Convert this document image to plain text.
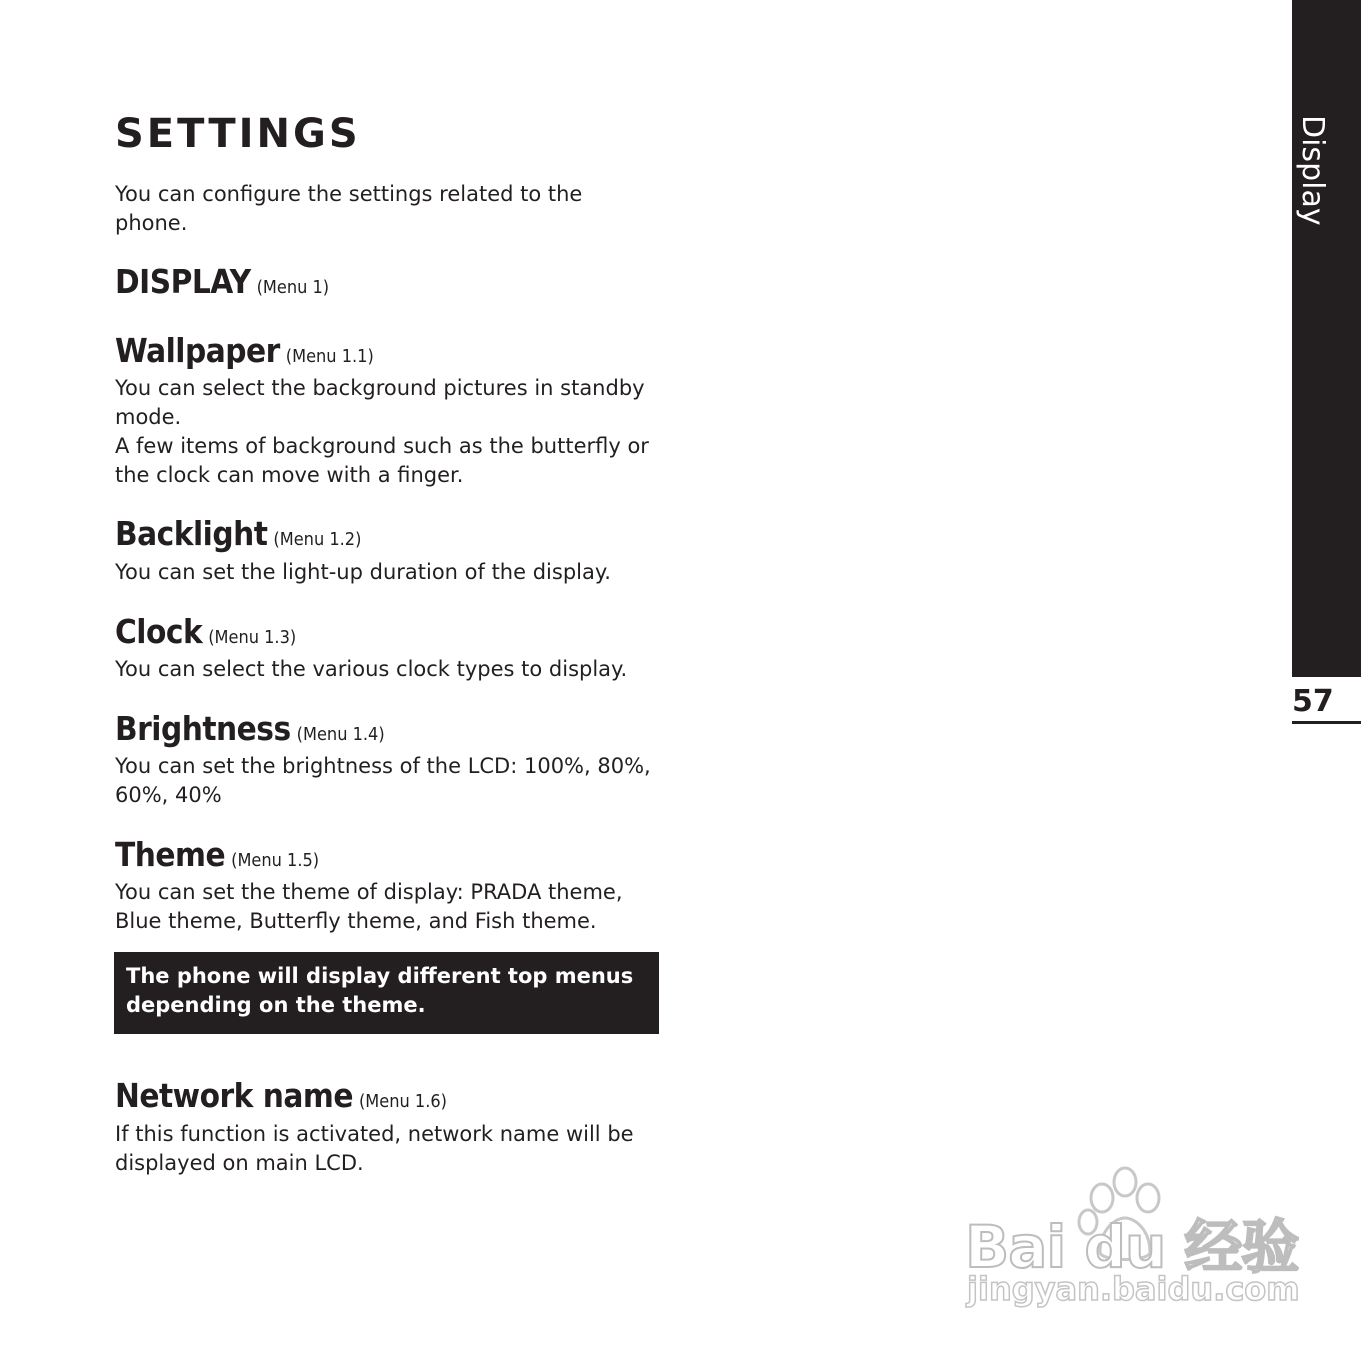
SETTINGS

You can configure the settings related to the phone.

DISPLAY (Menu 1)
Wallpaper (Menu 1.1)

You can select the background pictures in standby mode.

A few items of background such as the butterfly or the clock can move with a finger.

Backlight (Menu 1.2)

You can set the light-up duration of the display.

Clock (Menu 1.3)

You can select the various clock types to display.

Brightness (Menu 1.4)

You can set the brightness of the LCD: 100%, 80%, 60%, 40%

Theme (Menu 1.5)

You can set the theme of display: PRADA theme, Blue theme, Butterfly theme, and Fish theme.

The phone will display different top menus depending on the theme.
Network name (Menu 1.6)

If this function is activated, network name will be displayed on main LCD.

Display

57

Bai du 经验
jingyan.baidu.com
